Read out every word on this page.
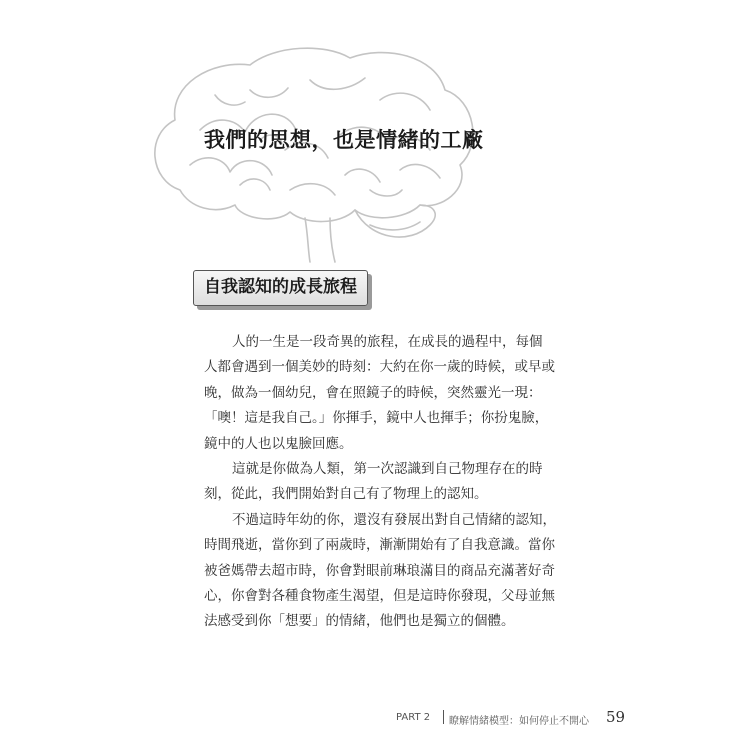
我們的思想，也是情緒的工廠
自我認知的成長旅程
人的一生是一段奇異的旅程，在成長的過程中，每個
人都會遇到一個美妙的時刻：大約在你一歲的時候，或早或
晚，做為一個幼兒，會在照鏡子的時候，突然靈光一現：
「噢！這是我自己。」你揮手，鏡中人也揮手；你扮鬼臉，
鏡中的人也以鬼臉回應。
這就是你做為人類，第一次認識到自己物理存在的時
刻，從此，我們開始對自己有了物理上的認知。
不過這時年幼的你，還沒有發展出對自己情緒的認知，
時間飛逝，當你到了兩歲時，漸漸開始有了自我意識。當你
被爸媽帶去超市時，你會對眼前琳琅滿目的商品充滿著好奇
心，你會對各種食物產生渴望，但是這時你發現，父母並無
法感受到你「想要」的情緒，他們也是獨立的個體。
PART 2 瞭解情緒模型：如何停止不開心 59
